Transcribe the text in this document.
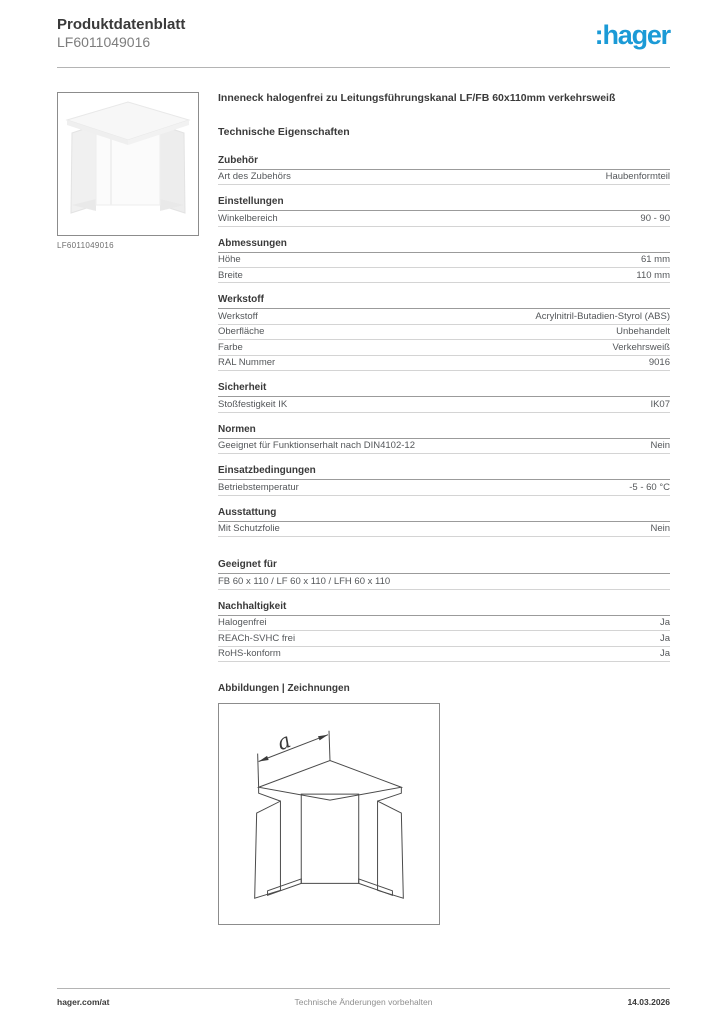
Produktdatenblatt
LF6011049016	:hager
LF6011049016
Inneneck halogenfrei zu Leitungsführungskanal LF/FB 60x110mm verkehrsweiß
Technische Eigenschaften
Zubehör
Art des Zubehörs	Haubenformteil
Einstellungen
Winkelbereich	90 - 90
Abmessungen
Höhe	61 mm
Breite	110 mm
Werkstoff
Werkstoff	Acrylnitril-Butadien-Styrol (ABS)
Oberfläche	Unbehandelt
Farbe	Verkehrsweiß
RAL Nummer	9016
Sicherheit
Stoßfestigkeit IK	IK07
Normen
Geeignet für Funktionserhalt nach DIN4102-12	Nein
Einsatzbedingungen
Betriebstemperatur	-5 - 60 °C
Ausstattung
Mit Schutzfolie	Nein
Geeignet für
FB 60 x 110 / LF 60 x 110 / LFH 60 x 110
Nachhaltigkeit
Halogenfrei	Ja
REACh-SVHC frei	Ja
RoHS-konform	Ja
Abbildungen | Zeichnungen
a
hager.com/at	Technische Änderungen vorbehalten	14.03.2026
